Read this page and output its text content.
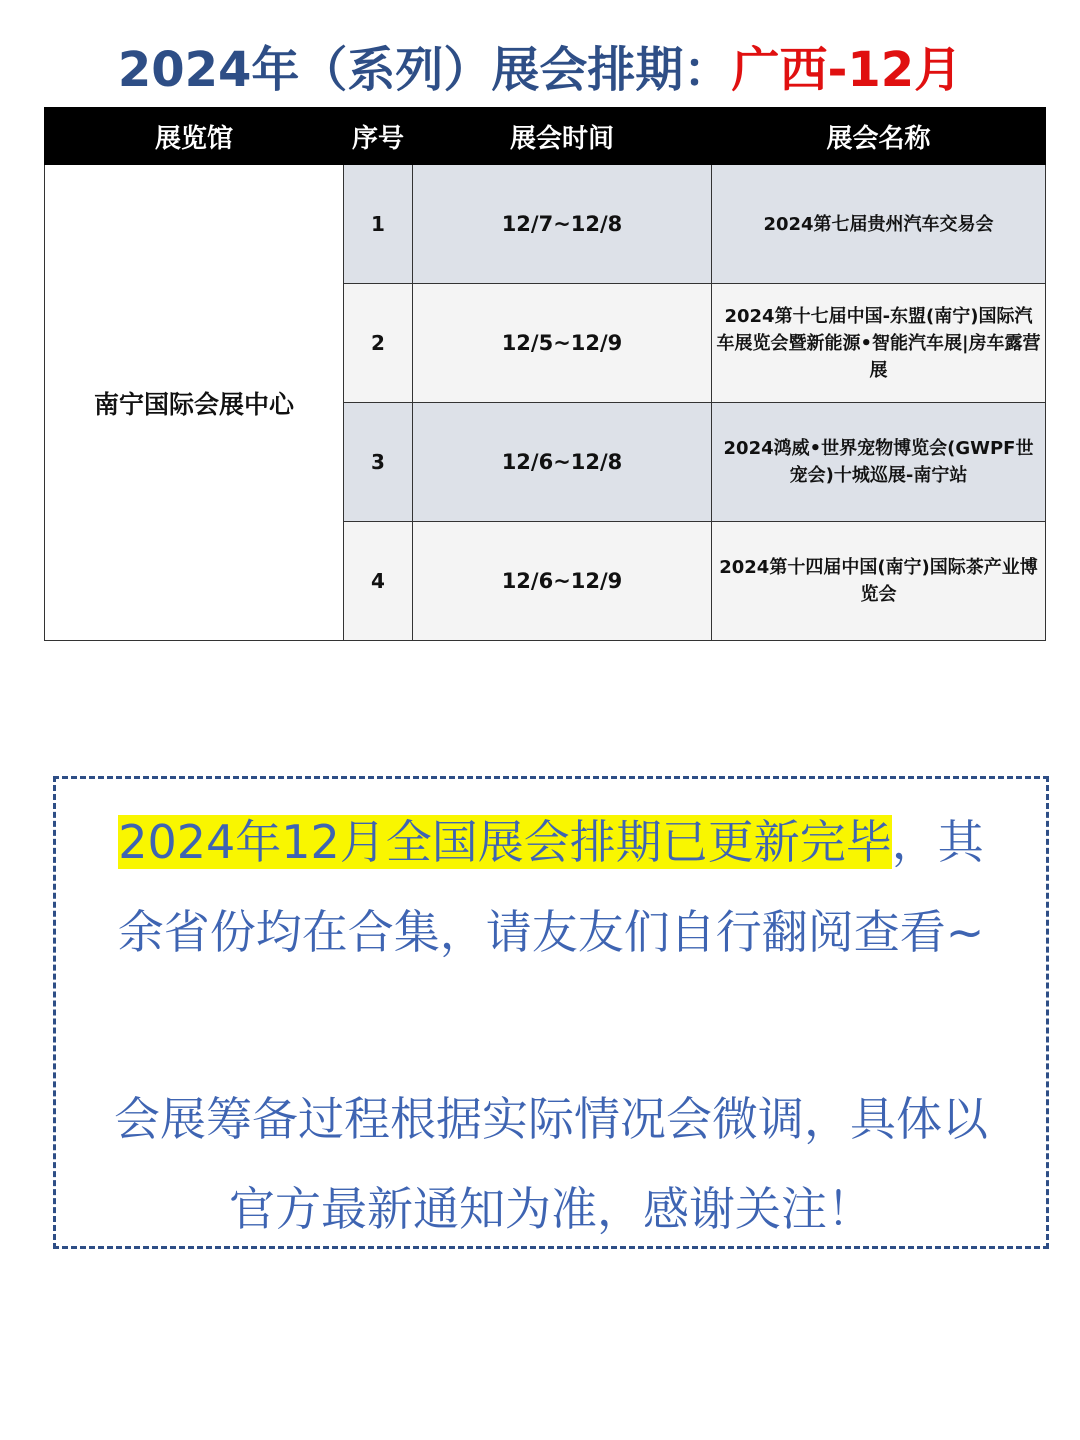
2024年（系列）展会排期：广西-12月
展览馆	序号	展会时间	展会名称
南宁国际会展中心	1	12/7~12/8	2024第七届贵州汽车交易会
	2	12/5~12/9	2024第十七届中国-东盟(南宁)国际汽车展览会暨新能源•智能汽车展|房车露营展
	3	12/6~12/8	2024鸿威•世界宠物博览会(GWPF世宠会)十城巡展-南宁站
	4	12/6~12/9	2024第十四届中国(南宁)国际茶产业博览会

2024年12月全国展会排期已更新完毕，其

余省份均在合集，请友友们自行翻阅查看~

会展筹备过程根据实际情况会微调，具体以

官方最新通知为准，感谢关注！
